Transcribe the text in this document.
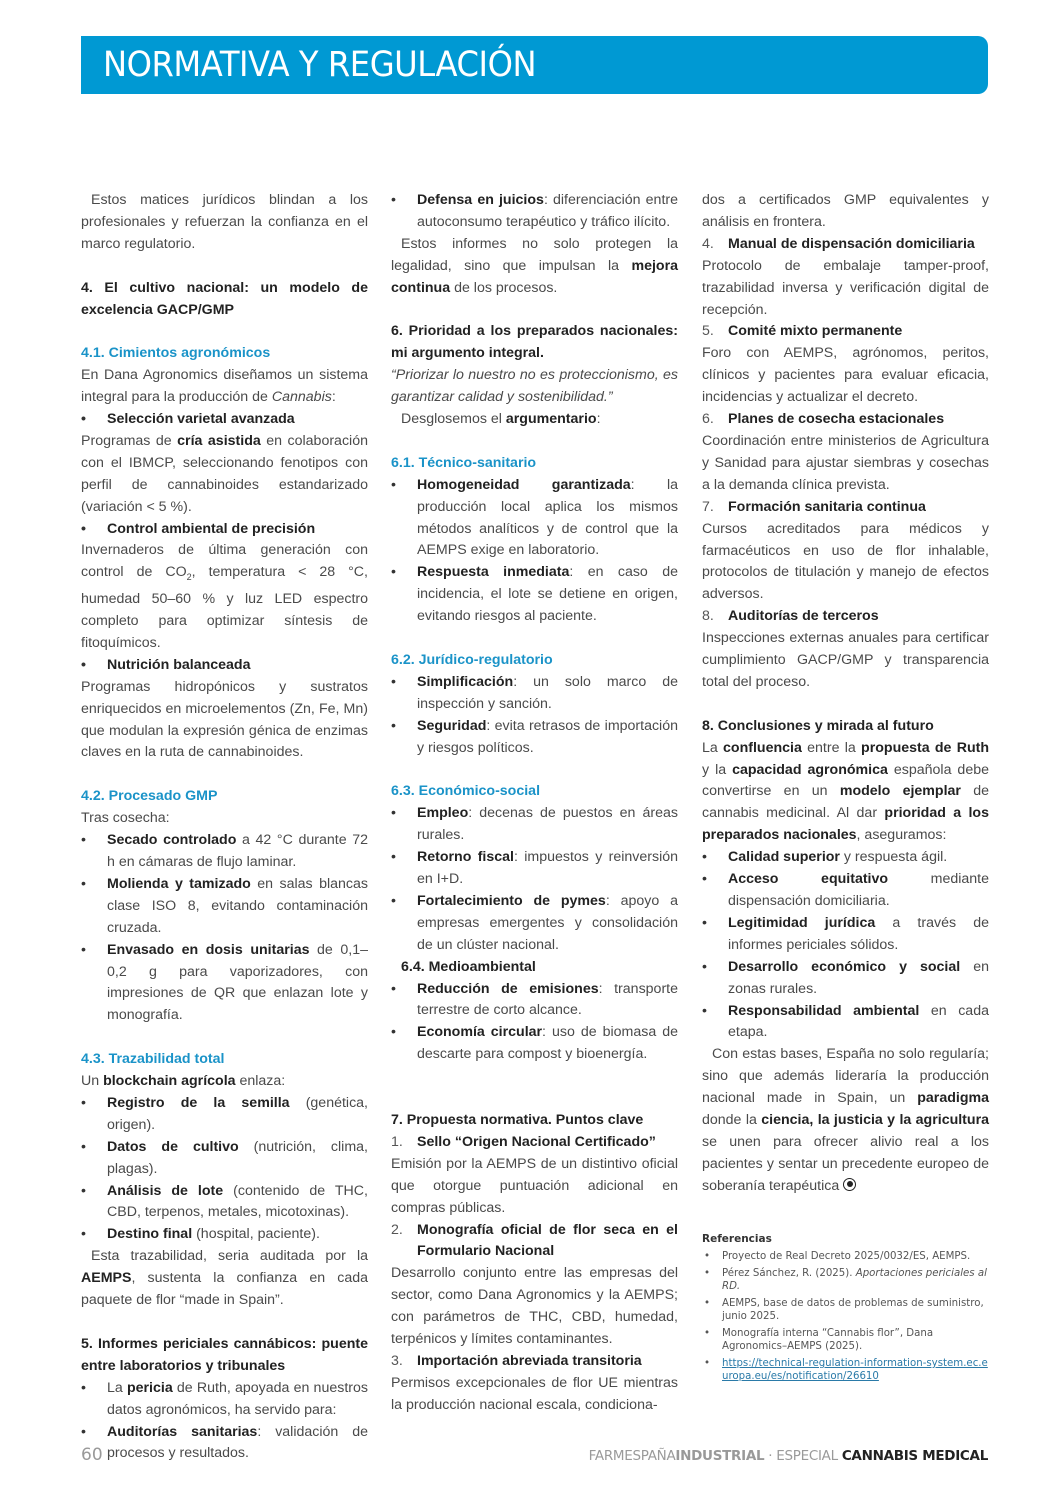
NORMATIVA Y REGULACIÓN

Estos matices jurídicos blindan a los profesionales y refuerzan la confianza en el marco regulatorio.

4. El cultivo nacional: un modelo de excelencia GACP/GMP

4.1. Cimientos agronómicos

En Dana Agronomics diseñamos un sistema integral para la producción de Cannabis:

• Selección varietal avanzada

Programas de cría asistida en colaboración con el IBMCP, seleccionando fenotipos con perfil de cannabinoides estandarizado (variación < 5 %).

• Control ambiental de precisión

Invernaderos de última generación con control de $CO_2$, temperatura < 28 °C, humedad 50–60 % y luz LED espectro completo para optimizar síntesis de fitoquímicos.

• Nutrición balanceada

Programas hidropónicos y sustratos enriquecidos en microelementos (Zn, Fe, Mn) que modulan la expresión génica de enzimas claves en la ruta de cannabinoides.

4.2. Procesado GMP

Tras cosecha:

• Secado controlado a 42 °C durante 72 h en cámaras de flujo laminar.

• Molienda y tamizado en salas blancas clase ISO 8, evitando contaminación cruzada.

• Envasado en dosis unitarias de 0,1–0,2 g para vaporizadores, con impresiones de QR que enlazan lote y monografía.

4.3. Trazabilidad total

Un blockchain agrícola enlaza:

• Registro de la semilla (genética, origen).

• Datos de cultivo (nutrición, clima, plagas).

• Análisis de lote (contenido de THC, CBD, terpenos, metales, micotoxinas).

• Destino final (hospital, paciente).

Esta trazabilidad, seria auditada por la AEMPS, sustenta la confianza en cada paquete de flor “made in Spain”.

5. Informes periciales cannábicos: puente entre laboratorios y tribunales

• La pericia de Ruth, apoyada en nuestros datos agronómicos, ha servido para:

• Auditorías sanitarias: validación de procesos y resultados.

• Defensa en juicios: diferenciación entre autoconsumo terapéutico y tráfico ilícito.

Estos informes no solo protegen la legalidad, sino que impulsan la mejora continua de los procesos.

6. Prioridad a los preparados nacionales: mi argumento integral.

“Priorizar lo nuestro no es proteccionismo, es garantizar calidad y sostenibilidad.”

Desglosemos el argumentario:

6.1. Técnico-sanitario

• Homogeneidad garantizada: la producción local aplica los mismos métodos analíticos y de control que la AEMPS exige en laboratorio.

• Respuesta inmediata: en caso de incidencia, el lote se detiene en origen, evitando riesgos al paciente.

6.2. Jurídico-regulatorio

• Simplificación: un solo marco de inspección y sanción.

• Seguridad: evita retrasos de importación y riesgos políticos.

6.3. Económico-social

• Empleo: decenas de puestos en áreas rurales.

• Retorno fiscal: impuestos y reinversión en I+D.

• Fortalecimiento de pymes: apoyo a empresas emergentes y consolidación de un clúster nacional.

6.4. Medioambiental

• Reducción de emisiones: transporte terrestre de corto alcance.

• Economía circular: uso de biomasa de descarte para compost y bioenergía.

7. Propuesta normativa. Puntos clave

1. Sello “Origen Nacional Certificado”

Emisión por la AEMPS de un distintivo oficial que otorgue puntuación adicional en compras públicas.

2. Monografía oficial de flor seca en el Formulario Nacional

Desarrollo conjunto entre las empresas del sector, como Dana Agronomics y la AEMPS; con parámetros de THC, CBD, humedad, terpénicos y límites contaminantes.

3. Importación abreviada transitoria

Permisos excepcionales de flor UE mientras la producción nacional escala, condiciona-

dos a certificados GMP equivalentes y análisis en frontera.

4. Manual de dispensación domiciliaria

Protocolo de embalaje tamper-proof, trazabilidad inversa y verificación digital de recepción.

5. Comité mixto permanente

Foro con AEMPS, agrónomos, peritos, clínicos y pacientes para evaluar eficacia, incidencias y actualizar el decreto.

6. Planes de cosecha estacionales

Coordinación entre ministerios de Agricultura y Sanidad para ajustar siembras y cosechas a la demanda clínica prevista.

7. Formación sanitaria continua

Cursos acreditados para médicos y farmacéuticos en uso de flor inhalable, protocolos de titulación y manejo de efectos adversos.

8. Auditorías de terceros

Inspecciones externas anuales para certificar cumplimiento GACP/GMP y transparencia total del proceso.

8. Conclusiones y mirada al futuro

La confluencia entre la propuesta de Ruth y la capacidad agronómica española debe convertirse en un modelo ejemplar de cannabis medicinal. Al dar prioridad a los preparados nacionales, aseguramos:

• Calidad superior y respuesta ágil.

• Acceso equitativo mediante dispensación domiciliaria.

• Legitimidad jurídica a través de informes periciales sólidos.

• Desarrollo económico y social en zonas rurales.

• Responsabilidad ambiental en cada etapa.

Con estas bases, España no solo regularía; sino que además lideraría la producción nacional made in Spain, un paradigma donde la ciencia, la justicia y la agricultura se unen para ofrecer alivio real a los pacientes y sentar un precedente europeo de soberanía terapéutica

Referencias
• Proyecto de Real Decreto 2025/0032/ES, AEMPS.
• Pérez Sánchez, R. (2025). Aportaciones periciales al RD.
• AEMPS, base de datos de problemas de suministro, junio 2025.
• Monografía interna “Cannabis flor”, Dana Agronomics–AEMPS (2025).
• https://technical-regulation-information-system.ec.europa.eu/es/notification/26610
60	FARMESPAÑAINDUSTRIAL · ESPECIAL CANNABIS MEDICAL
